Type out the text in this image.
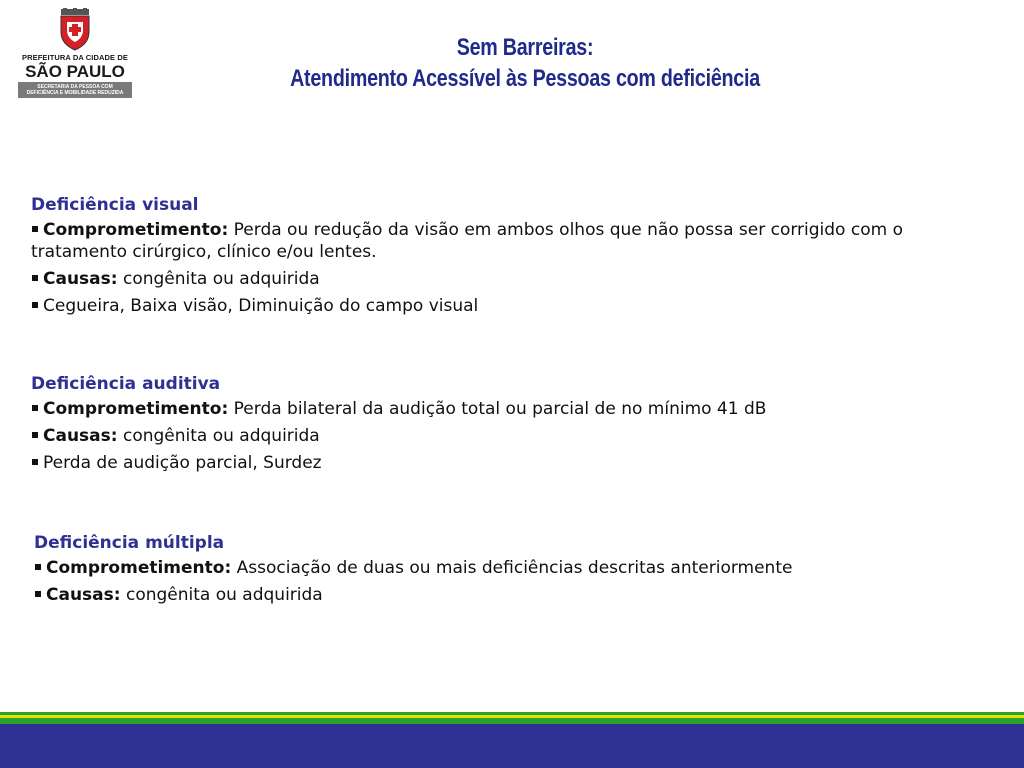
PREFEITURA DA CIDADE DE
SÃO PAULO
SECRETARIA DA PESSOA COM
DEFICIÊNCIA E MOBILIDADE REDUZIDA
Sem Barreiras:
Atendimento Acessível às Pessoas com deficiência
Deficiência visual
Comprometimento: Perda ou redução da visão em ambos olhos que não possa ser corrigido com o tratamento cirúrgico, clínico e/ou lentes.
Causas: congênita ou adquirida
Cegueira, Baixa visão, Diminuição do campo visual
Deficiência auditiva
Comprometimento: Perda bilateral da audição total ou parcial de no mínimo 41 dB
Causas: congênita ou adquirida
Perda de audição parcial, Surdez
Deficiência múltipla
Comprometimento: Associação de duas ou mais deficiências descritas anteriormente
Causas: congênita ou adquirida
